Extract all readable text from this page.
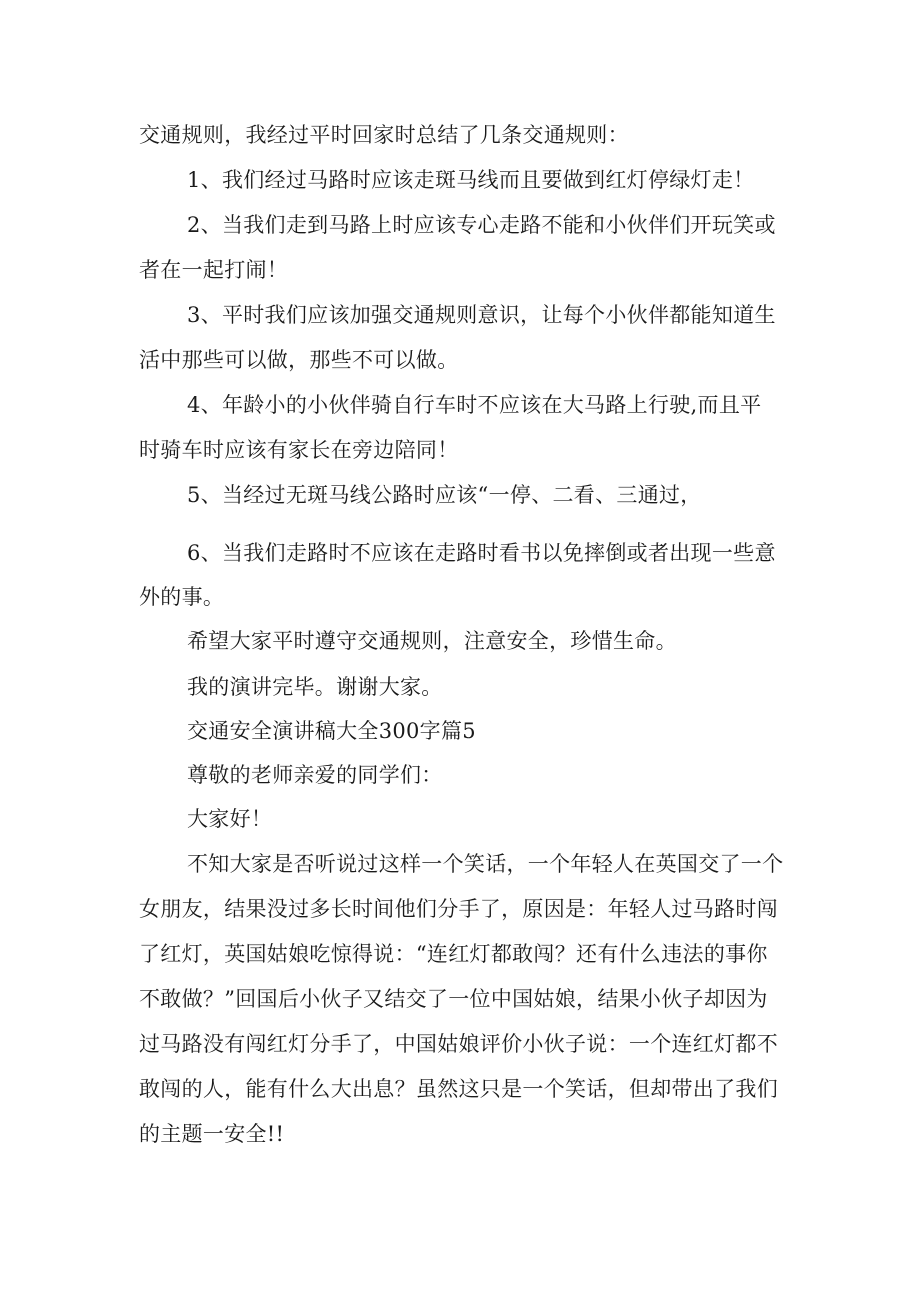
交通规则，我经过平时回家时总结了几条交通规则：
1、我们经过马路时应该走斑马线而且要做到红灯停绿灯走！
2、当我们走到马路上时应该专心走路不能和小伙伴们开玩笑或
者在一起打闹！
3、平时我们应该加强交通规则意识，让每个小伙伴都能知道生
活中那些可以做，那些不可以做。
4、年龄小的小伙伴骑自行车时不应该在大马路上行驶,而且平
时骑车时应该有家长在旁边陪同！
5、当经过无斑马线公路时应该“一停、二看、三通过，
6、当我们走路时不应该在走路时看书以免摔倒或者出现一些意
外的事。
希望大家平时遵守交通规则，注意安全，珍惜生命。
我的演讲完毕。谢谢大家。
交通安全演讲稿大全300字篇5
尊敬的老师亲爱的同学们：
大家好！
不知大家是否听说过这样一个笑话，一个年轻人在英国交了一个
女朋友，结果没过多长时间他们分手了，原因是：年轻人过马路时闯
了红灯，英国姑娘吃惊得说：“连红灯都敢闯？还有什么违法的事你
不敢做？”回国后小伙子又结交了一位中国姑娘，结果小伙子却因为
过马路没有闯红灯分手了，中国姑娘评价小伙子说：一个连红灯都不
敢闯的人，能有什么大出息？虽然这只是一个笑话，但却带出了我们
的主题一安全!!
